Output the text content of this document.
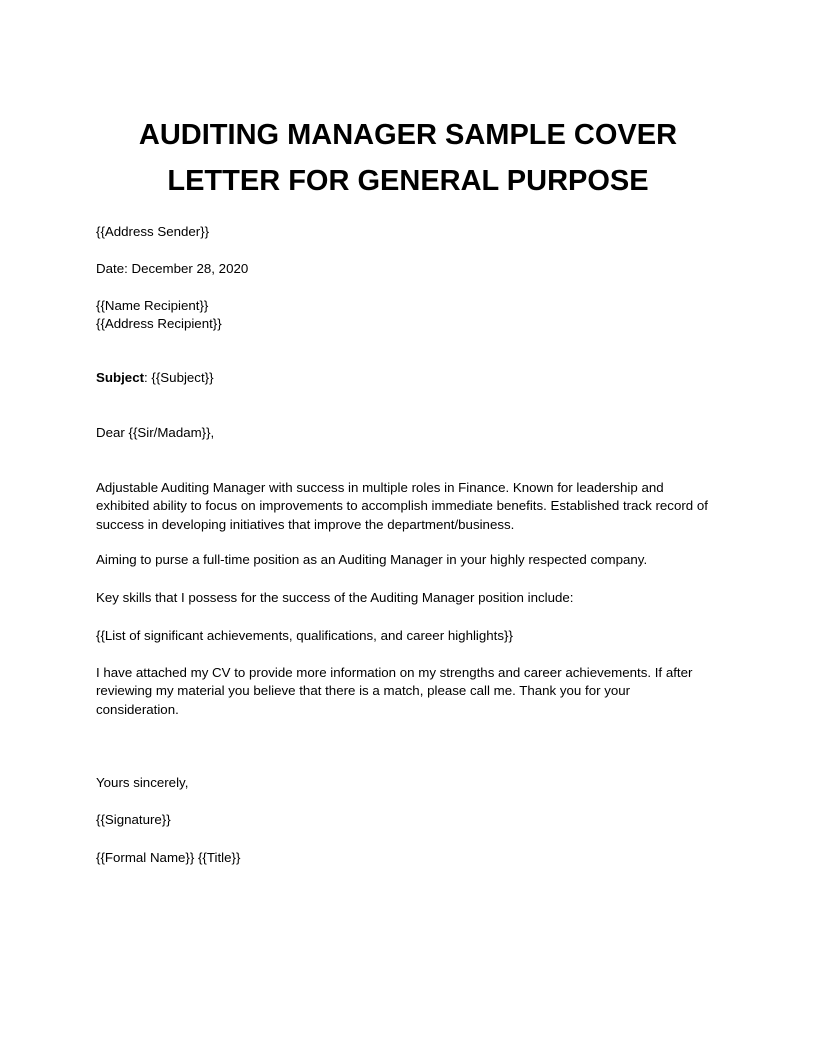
AUDITING MANAGER SAMPLE COVER
LETTER FOR GENERAL PURPOSE
{{Address Sender}}
Date: December 28, 2020
{{Name Recipient}}
{{Address Recipient}}
Subject: {{Subject}}
Dear {{Sir/Madam}},
Adjustable Auditing Manager with success in multiple roles in Finance. Known for leadership and
exhibited ability to focus on improvements to accomplish immediate benefits. Established track record of
success in developing initiatives that improve the department/business.
Aiming to purse a full-time position as an Auditing Manager in your highly respected company.
Key skills that I possess for the success of the Auditing Manager position include:
{{List of significant achievements, qualifications, and career highlights}}
I have attached my CV to provide more information on my strengths and career achievements. If after
reviewing my material you believe that there is a match, please call me. Thank you for your
consideration.
Yours sincerely,
{{Signature}}
{{Formal Name}} {{Title}}
